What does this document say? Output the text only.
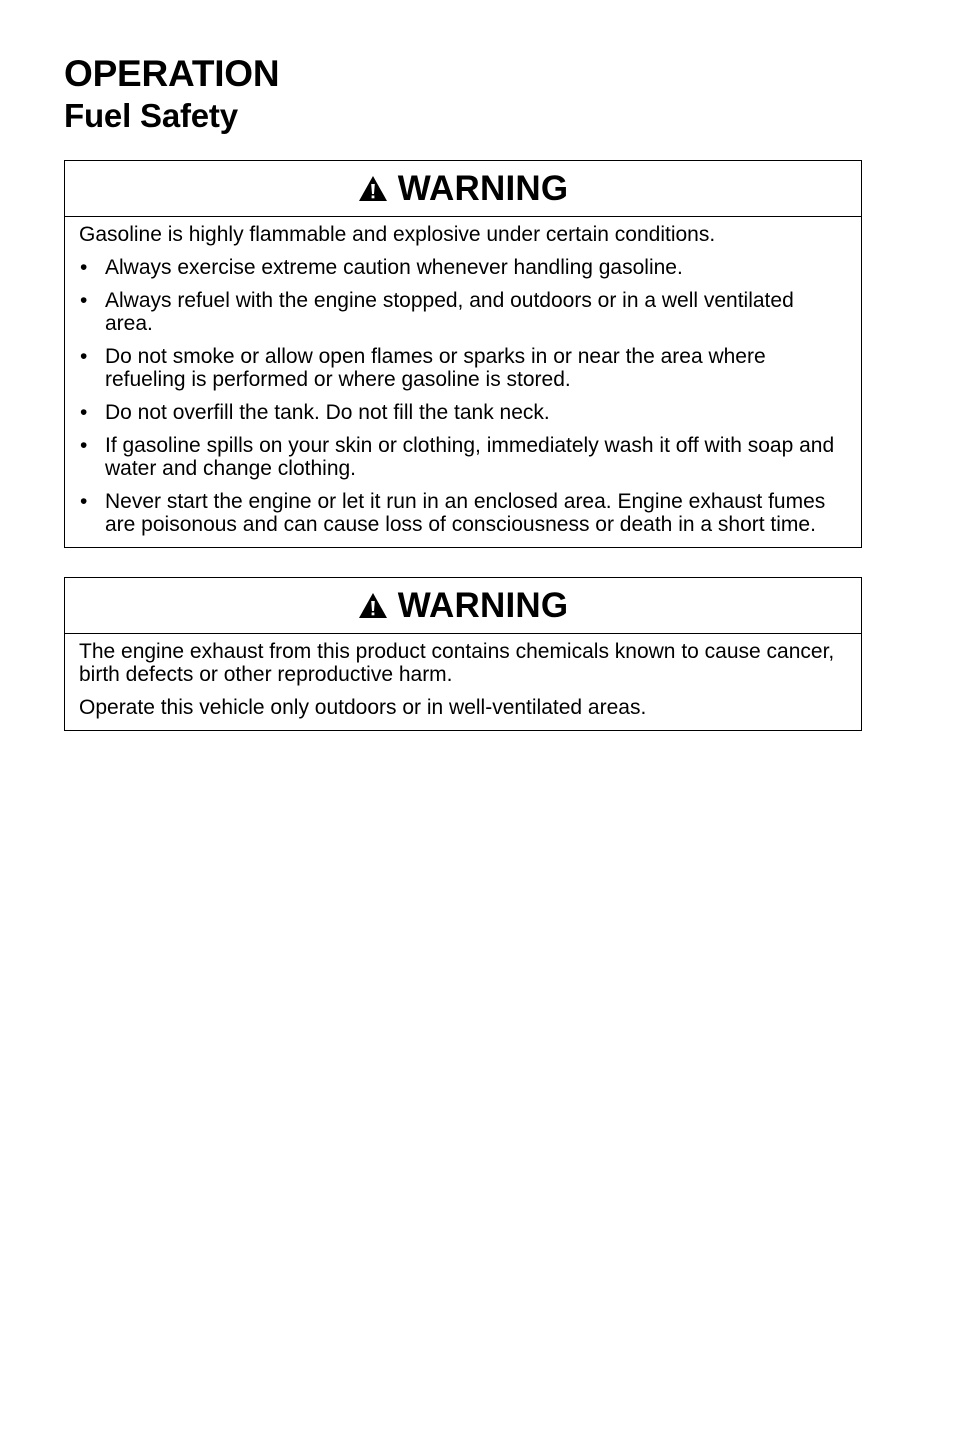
OPERATION
Fuel Safety
WARNING

Gasoline is highly flammable and explosive under certain conditions.

• Always exercise extreme caution whenever handling gasoline.
• Always refuel with the engine stopped, and outdoors or in a well ventilated area.
• Do not smoke or allow open flames or sparks in or near the area where refueling is performed or where gasoline is stored.
• Do not overfill the tank. Do not fill the tank neck.
• If gasoline spills on your skin or clothing, immediately wash it off with soap and water and change clothing.
• Never start the engine or let it run in an enclosed area. Engine exhaust fumes are poisonous and can cause loss of consciousness or death in a short time.
WARNING

The engine exhaust from this product contains chemicals known to cause cancer, birth defects or other reproductive harm.

Operate this vehicle only outdoors or in well-ventilated areas.
